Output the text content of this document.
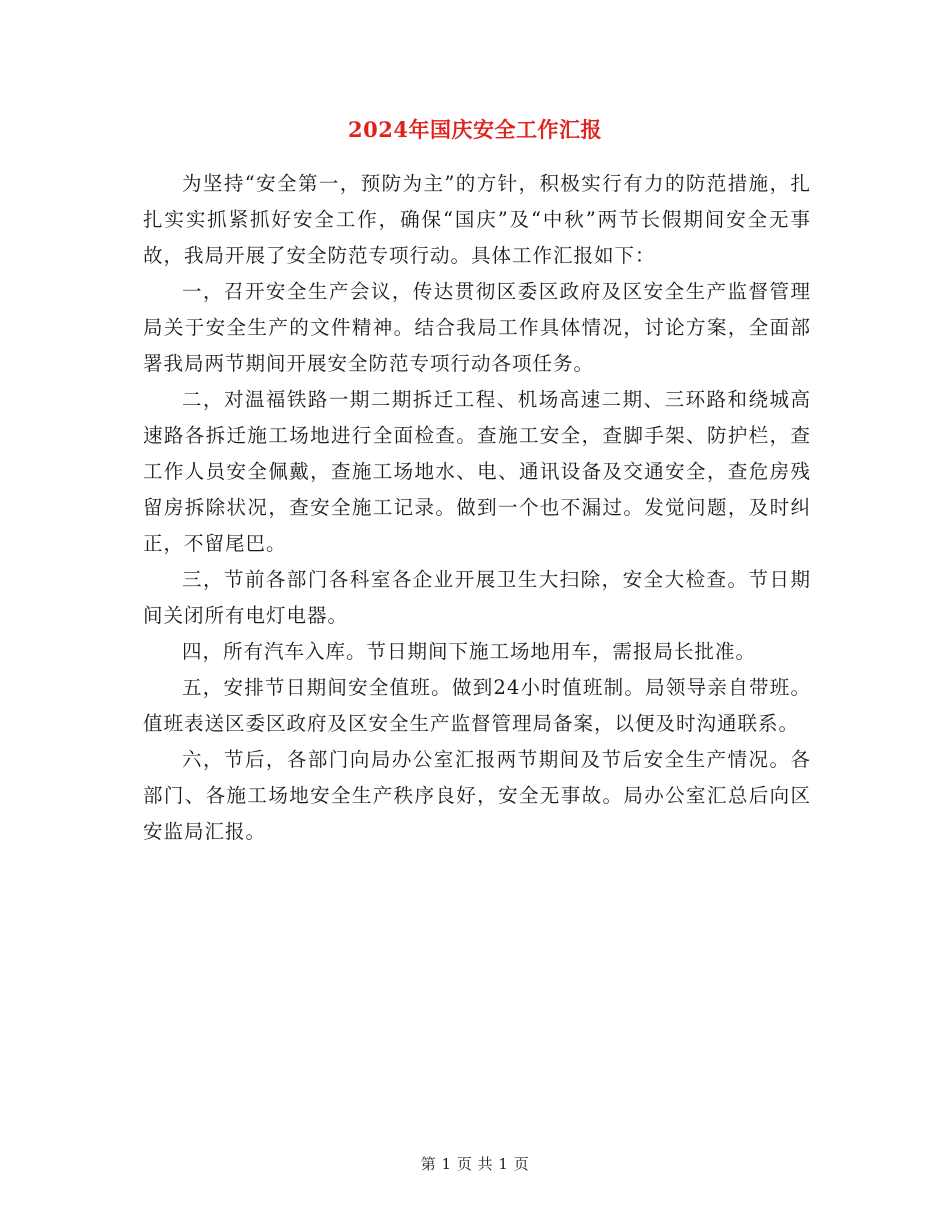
2024年国庆安全工作汇报

为坚持“安全第一，预防为主”的方针，积极实行有力的防范措施，扎扎实实抓紧抓好安全工作，确保“国庆”及“中秋”两节长假期间安全无事故，我局开展了安全防范专项行动。具体工作汇报如下：

一，召开安全生产会议，传达贯彻区委区政府及区安全生产监督管理局关于安全生产的文件精神。结合我局工作具体情况，讨论方案，全面部署我局两节期间开展安全防范专项行动各项任务。

二，对温福铁路一期二期拆迁工程、机场高速二期、三环路和绕城高速路各拆迁施工场地进行全面检查。查施工安全，查脚手架、防护栏，查工作人员安全佩戴，查施工场地水、电、通讯设备及交通安全，查危房残留房拆除状况，查安全施工记录。做到一个也不漏过。发觉问题，及时纠正，不留尾巴。

三，节前各部门各科室各企业开展卫生大扫除，安全大检查。节日期间关闭所有电灯电器。

四，所有汽车入库。节日期间下施工场地用车，需报局长批准。

五，安排节日期间安全值班。做到24小时值班制。局领导亲自带班。值班表送区委区政府及区安全生产监督管理局备案，以便及时沟通联系。

六，节后，各部门向局办公室汇报两节期间及节后安全生产情况。各部门、各施工场地安全生产秩序良好，安全无事故。局办公室汇总后向区安监局汇报。

第 1 页 共 1 页
